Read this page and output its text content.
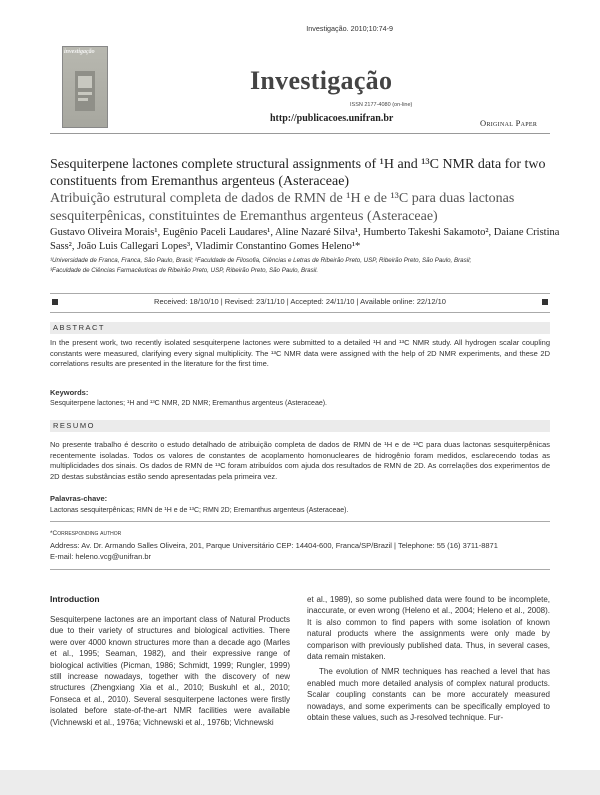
Investigação. 2010;10:74-9
investigação
Investigação
ISSN 2177-4080 (on-line)
http://publicacoes.unifran.br	Original Paper
Sesquiterpene lactones complete structural assignments of ¹H and ¹³C NMR data for two constituents from Eremanthus argenteus (Asteraceae)
Atribuição estrutural completa de dados de RMN de ¹H e de ¹³C para duas lactonas sesquiterpênicas, constituintes de Eremanthus argenteus (Asteraceae)
Gustavo Oliveira Morais¹, Eugênio Paceli Laudares¹, Aline Nazaré Silva¹, Humberto Takeshi Sakamoto², Daiane Cristina Sass², João Luis Callegari Lopes³, Vladimir Constantino Gomes Heleno¹*
¹Universidade de Franca, Franca, São Paulo, Brasil; ²Faculdade de Filosofia, Ciências e Letras de Ribeirão Preto, USP, Ribeirão Preto, São Paulo, Brasil;
³Faculdade de Ciências Farmacêuticas de Ribeirão Preto, USP, Ribeirão Preto, São Paulo, Brasil.
Received: 18/10/10 | Revised: 23/11/10 | Accepted: 24/11/10 | Available online: 22/12/10
ABSTRACT
In the present work, two recently isolated sesquiterpene lactones were submitted to a detailed ¹H and ¹³C NMR study. All hydrogen scalar coupling constants were measured, clarifying every signal multiplicity. The ¹³C NMR data were assigned with the help of 2D NMR experiments, and these 2D correlations results are presented in the literature for the first time.
Keywords:
Sesquiterpene lactones; ¹H and ¹³C NMR, 2D NMR; Eremanthus argenteus (Asteraceae).
RESUMO
No presente trabalho é descrito o estudo detalhado de atribuição completa de dados de RMN de ¹H e de ¹³C para duas lactonas sesquiterpênicas recentemente isoladas. Todos os valores de constantes de acoplamento homonucleares de hidrogênio foram medidos, esclarecendo todas as multiplicidades dos sinais. Os dados de RMN de ¹³C foram atribuídos com ajuda dos resultados de RMN de 2D. As correlações dos experimentos de 2D destas substâncias estão sendo apresentadas pela primeira vez.
Palavras-chave:
Lactonas sesquiterpênicas; RMN de ¹H e de ¹³C; RMN 2D; Eremanthus argenteus (Asteraceae).
*Corresponding author
Address: Av. Dr. Armando Salles Oliveira, 201, Parque Universitário CEP: 14404-600, Franca/SP/Brazil | Telephone: 55 (16) 3711-8871
E-mail: heleno.vcg@unifran.br
Introduction

Sesquiterpene lactones are an important class of Natural Products due to their variety of structures and biological activities. There were over 4000 known structures more than a decade ago (Marles et al., 1995; Seaman, 1982), and their expressive range of biological activities (Picman, 1986; Schmidt, 1999; Rungler, 1999) still increase nowadays, together with the discovery of new structures (Zhengxiang Xia et al., 2010; Buskuhl et al., 2010; Fonseca et al., 2010). Several sesquiterpene lactones were firstly isolated before state-of-the-art NMR facilities were available (Vichnewski et al., 1976a; Vichnewski et al., 1976b; Vichnewski

et al., 1989), so some published data were found to be incomplete, inaccurate, or even wrong (Heleno et al., 2004; Heleno et al., 2008). It is also common to find papers with some isolation of known natural products where the assignments were only made by comparison with previously published data. Thus, in several cases, data remain mistaken.

The evolution of NMR techniques has reached a level that has enabled much more detailed analysis of complex natural products. Scalar coupling constants can be more accurately measured nowadays, and some experiments can be specifically employed to obtain these values, such as J-resolved technique. Fur-
